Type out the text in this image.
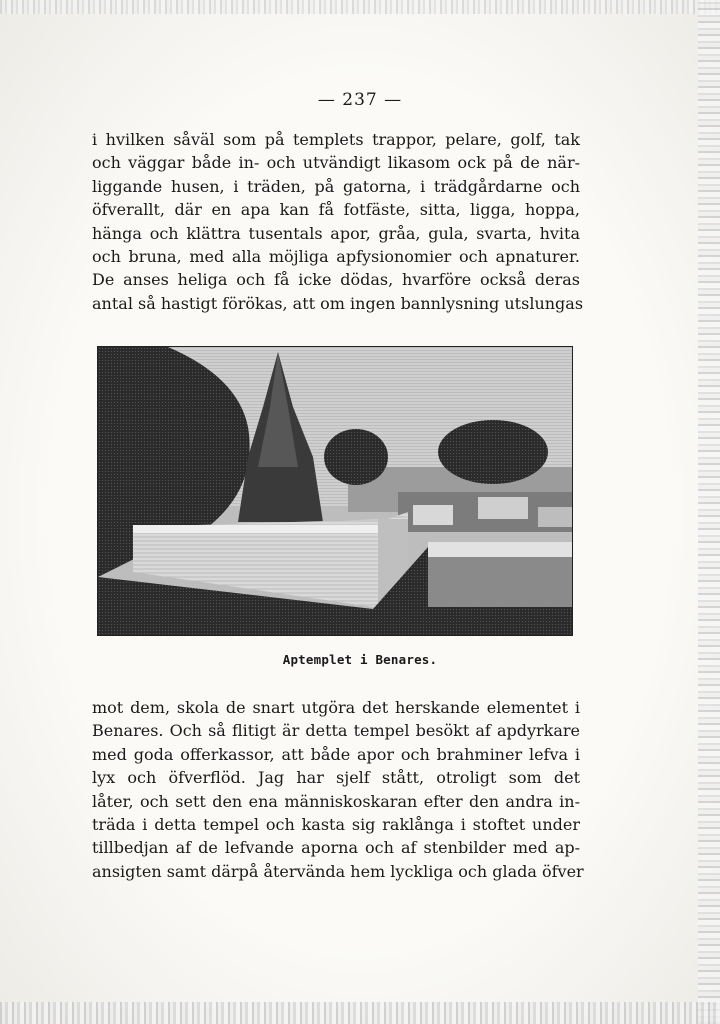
— 237 —
i hvilken såväl som på templets trappor, pelare, golf, tak
och väggar både in- och utvändigt likasom ock på de när-
liggande husen, i träden, på gatorna, i trädgårdarne och
öfverallt, där en apa kan få fotfäste, sitta, ligga, hoppa,
hänga och klättra tusentals apor, gråa, gula, svarta, hvita
och bruna, med alla möjliga apfysionomier och apnaturer.
De anses heliga och få icke dödas, hvarföre också deras
antal så hastigt förökas, att om ingen bannlysning utslungas
Aptemplet i Benares.
mot dem, skola de snart utgöra det herskande elementet i
Benares. Och så flitigt är detta tempel besökt af apdyrkare
med goda offerkassor, att både apor och brahminer lefva i
lyx och öfverflöd. Jag har sjelf stått, otroligt som det
låter, och sett den ena människoskaran efter den andra in-
träda i detta tempel och kasta sig raklånga i stoftet under
tillbedjan af de lefvande aporna och af stenbilder med ap-
ansigten samt därpå återvända hem lyckliga och glada öfver
